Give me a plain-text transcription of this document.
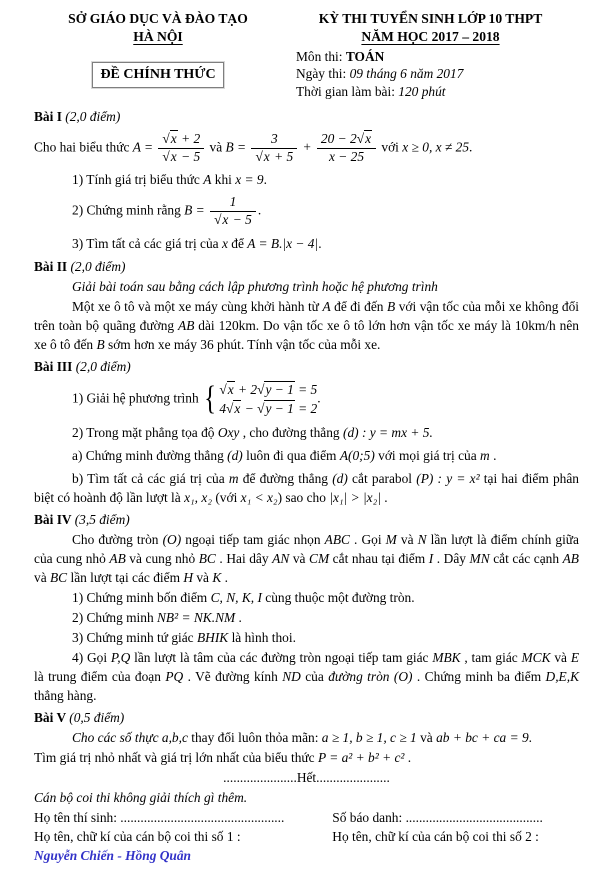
SỞ GIÁO DỤC VÀ ĐÀO TẠO
HÀ NỘI
ĐỀ CHÍNH THỨC
KỲ THI TUYỂN SINH LỚP 10 THPT
NĂM HỌC 2017 – 2018
Môn thi: TOÁN
Ngày thi: 09 tháng 6 năm 2017
Thời gian làm bài: 120 phút
Bài I (2,0 điểm)
Cho hai biểu thức $A = \frac{√x + 2}{√x - 5}$ và $B = \frac{3}{√x + 5} + \frac{20 - 2√x}{x - 25}$ với x ≥ 0, x ≠ 25.
1) Tính giá trị biểu thức A khi x = 9.
2) Chứng minh rằng $B = \frac{1}{√x - 5}$ .
3) Tìm tất cả các giá trị của x để A = B.|x − 4|.
Bài II (2,0 điểm)
Giải bài toán sau bằng cách lập phương trình hoặc hệ phương trình
Một xe ô tô và một xe máy cùng khởi hành từ A để đi đến B với vận tốc của mỗi xe không đổi trên toàn bộ quãng đường AB dài 120km. Do vận tốc xe ô tô lớn hơn vận tốc xe máy là 10km/h nên xe ô tô đến B sớm hơn xe máy 36 phút. Tính vận tốc của mỗi xe.
Bài III (2,0 điểm)
1) Giải hệ phương trình { √x + 2√y − 1 = 5
4√x − √y − 1 = 2
.
2) Trong mặt phẳng tọa độ Oxy , cho đường thẳng (d) : y = mx + 5.
a) Chứng minh đường thẳng (d) luôn đi qua điểm A(0;5) với mọi giá trị của m .
b) Tìm tất cả các giá trị của m để đường thẳng (d) cắt parabol (P) : y = x² tại hai điểm phân biệt có hoành độ lần lượt là x₁, x₂ (với x₁ < x₂) sao cho |x₁| > |x₂| .
Bài IV (3,5 điểm)
Cho đường tròn (O) ngoại tiếp tam giác nhọn ABC . Gọi M và N lần lượt là điểm chính giữa của cung nhỏ AB và cung nhỏ BC . Hai dây AN và CM cắt nhau tại điểm I . Dây MN cắt các cạnh AB và BC lần lượt tại các điểm H và K .
1) Chứng minh bốn điểm C, N, K, I cùng thuộc một đường tròn.
2) Chứng minh NB² = NK.NM .
3) Chứng minh tứ giác BHIK là hình thoi.
4) Gọi P,Q lần lượt là tâm của các đường tròn ngoại tiếp tam giác MBK , tam giác MCK và E là trung điểm của đoạn PQ . Vẽ đường kính ND của đường tròn (O) . Chứng minh ba điểm D,E,K thẳng hàng.
Bài V (0,5 điểm)
Cho các số thực a,b,c thay đổi luôn thỏa mãn: a ≥ 1, b ≥ 1, c ≥ 1 và ab + bc + ca = 9.
Tìm giá trị nhỏ nhất và giá trị lớn nhất của biểu thức P = a² + b² + c² .
......................Hết......................
Cán bộ coi thi không giải thích gì thêm.
Họ tên thí sinh: .................................................	Số báo danh: .........................................
Họ tên, chữ kí của cán bộ coi thi số 1 :	Họ tên, chữ kí của cán bộ coi thi số 2 :
Nguyễn Chiến - Hồng Quân
